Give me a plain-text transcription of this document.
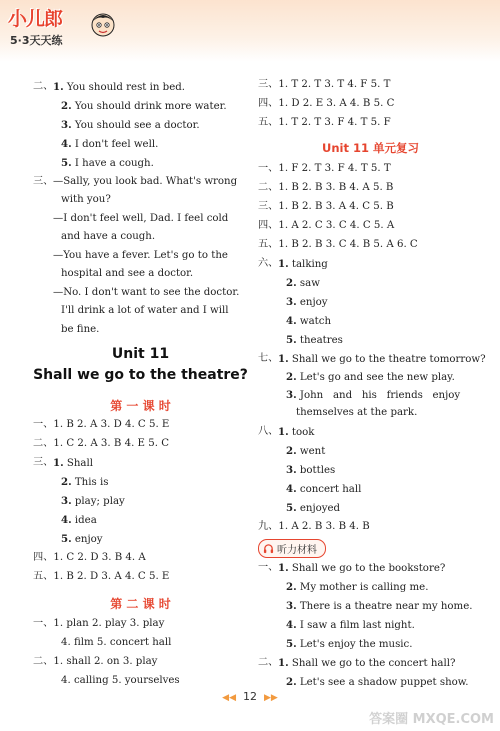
小儿郎
5·3天天练
二、 1. You should rest in bed.
2. You should drink more water.
3. You should see a doctor.
4. I don't feel well.
5. I have a cough.
三、 —Sally, you look bad. What's wrong
with you?
—I don't feel well, Dad. I feel cold
and have a cough.
—You have a fever. Let's go to the
hospital and see a doctor.
—No. I don't want to see the doctor.
I'll drink a lot of water and I will
be fine.
Unit 11
Shall we go to the theatre?
第 一 课 时
一、1. B 2. A 3. D 4. C 5. E
二、1. C 2. A 3. B 4. E 5. C
三、 1. Shall
2. This is
3. play; play
4. idea
5. enjoy
四、1. C 2. D 3. B 4. A
五、1. B 2. D 3. A 4. C 5. E
第 二 课 时
一、1. plan 2. play 3. play
4. film 5. concert hall
二、1. shall 2. on 3. play
4. calling 5. yourselves
三、1. T 2. T 3. T 4. F 5. T
四、1. D 2. E 3. A 4. B 5. C
五、1. T 2. T 3. F 4. T 5. F
Unit 11 单元复习
一、1. F 2. T 3. F 4. T 5. T
二、1. B 2. B 3. B 4. A 5. B
三、1. B 2. B 3. A 4. C 5. B
四、1. A 2. C 3. C 4. C 5. A
五、1. B 2. B 3. C 4. B 5. A 6. C
六、 1. talking
2. saw
3. enjoy
4. watch
5. theatres
七、 1. Shall we go to the theatre tomorrow?
2. Let's go and see the new play.
3. John   and   his   friends   enjoy
themselves at the park.
八、 1. took
2. went
3. bottles
4. concert hall
5. enjoyed
九、1. A 2. B 3. B 4. B
听力材料
一、 1. Shall we go to the bookstore?
2. My mother is calling me.
3. There is a theatre near my home.
4. I saw a film last night.
5. Let's enjoy the music.
二、 1. Shall we go to the concert hall?
2. Let's see a shadow puppet show.
◀◀ 12 ▶▶
答案圈 MXQE.COM
